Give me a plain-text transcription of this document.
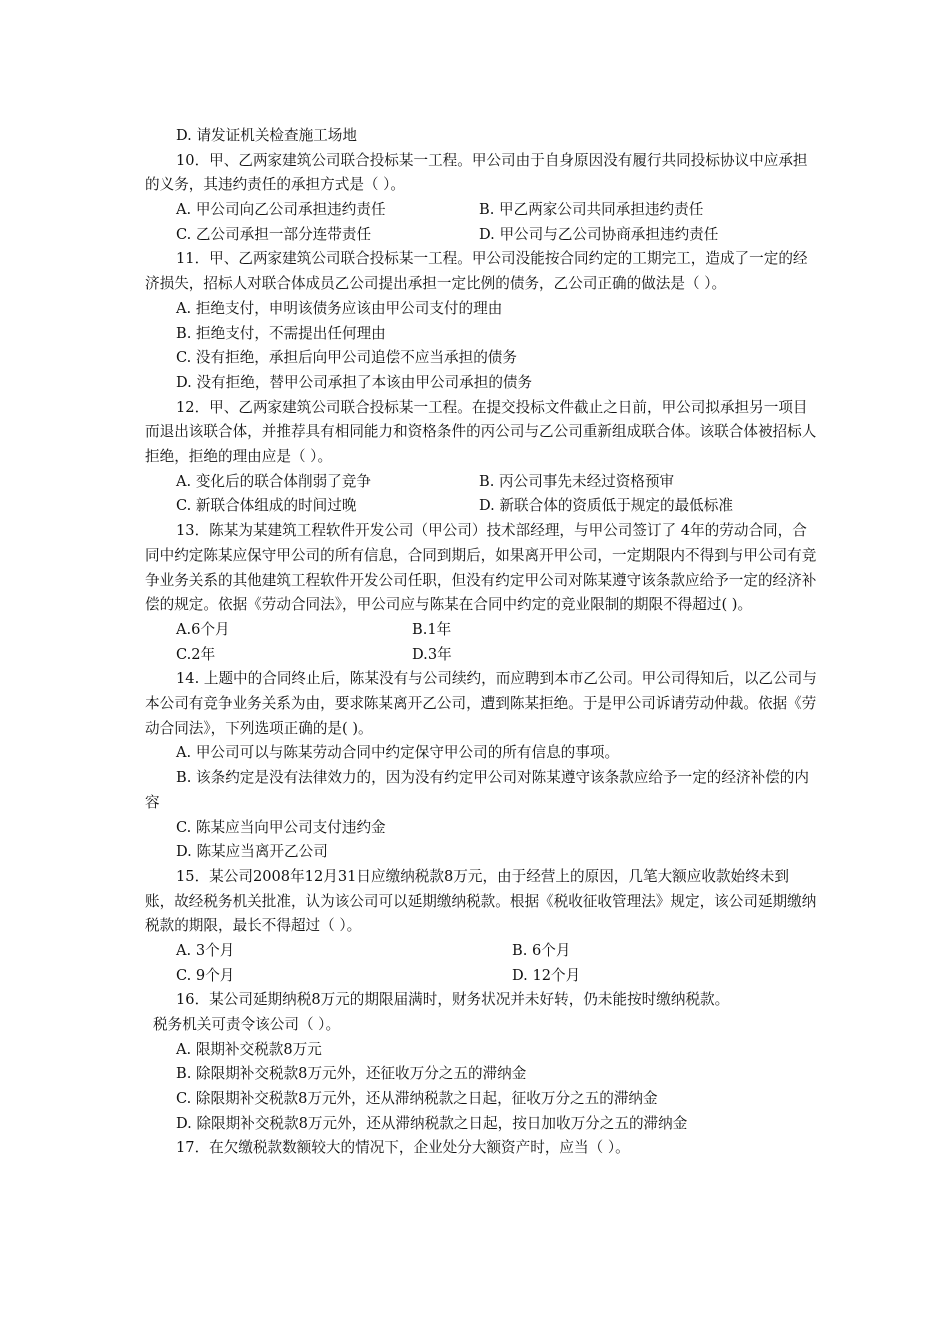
D. 请发证机关检查施工场地
10．甲、乙两家建筑公司联合投标某一工程。甲公司由于自身原因没有履行共同投标协议中应承担的义务，其违约责任的承担方式是（ ）。
A. 甲公司向乙公司承担违约责任	B. 甲乙两家公司共同承担违约责任
C. 乙公司承担一部分连带责任	D. 甲公司与乙公司协商承担违约责任
11．甲、乙两家建筑公司联合投标某一工程。甲公司没能按合同约定的工期完工，造成了一定的经济损失，招标人对联合体成员乙公司提出承担一定比例的债务，乙公司正确的做法是（ ）。
A. 拒绝支付，申明该债务应该由甲公司支付的理由
B. 拒绝支付，不需提出任何理由
C. 没有拒绝，承担后向甲公司追偿不应当承担的债务
D. 没有拒绝，替甲公司承担了本该由甲公司承担的债务
12．甲、乙两家建筑公司联合投标某一工程。在提交投标文件截止之日前，甲公司拟承担另一项目而退出该联合体，并推荐具有相同能力和资格条件的丙公司与乙公司重新组成联合体。该联合体被招标人拒绝，拒绝的理由应是（ ）。
A. 变化后的联合体削弱了竞争	B. 丙公司事先未经过资格预审
C. 新联合体组成的时间过晚	D. 新联合体的资质低于规定的最低标准
13．陈某为某建筑工程软件开发公司（甲公司）技术部经理，与甲公司签订了 4年的劳动合同，合同中约定陈某应保守甲公司的所有信息，合同到期后，如果离开甲公司，一定期限内不得到与甲公司有竞争业务关系的其他建筑工程软件开发公司任职，但没有约定甲公司对陈某遵守该条款应给予一定的经济补偿的规定。依据《劳动合同法》，甲公司应与陈某在合同中约定的竞业限制的期限不得超过( )。
A.6个月	B.1年
C.2年	D.3年
14. 上题中的合同终止后，陈某没有与公司续约，而应聘到本市乙公司。甲公司得知后，以乙公司与本公司有竞争业务关系为由，要求陈某离开乙公司，遭到陈某拒绝。于是甲公司诉请劳动仲裁。依据《劳动合同法》，下列选项正确的是( )。
A. 甲公司可以与陈某劳动合同中约定保守甲公司的所有信息的事项。
B. 该条约定是没有法律效力的，因为没有约定甲公司对陈某遵守该条款应给予一定的经济补偿的内容
C. 陈某应当向甲公司支付违约金
D. 陈某应当离开乙公司
15．某公司2008年12月31日应缴纳税款8万元，由于经营上的原因，几笔大额应收款始终未到账，故经税务机关批准，认为该公司可以延期缴纳税款。根据《税收征收管理法》规定，该公司延期缴纳税款的期限，最长不得超过（ ）。
A. 3个月	B. 6个月
C. 9个月	D. 12个月
16．某公司延期纳税8万元的期限届满时，财务状况并未好转，仍未能按时缴纳税款。
税务机关可责令该公司（ ）。
A. 限期补交税款8万元
B. 除限期补交税款8万元外，还征收万分之五的滞纳金
C. 除限期补交税款8万元外，还从滞纳税款之日起，征收万分之五的滞纳金
D. 除限期补交税款8万元外，还从滞纳税款之日起，按日加收万分之五的滞纳金
17．在欠缴税款数额较大的情况下，企业处分大额资产时，应当（ ）。
